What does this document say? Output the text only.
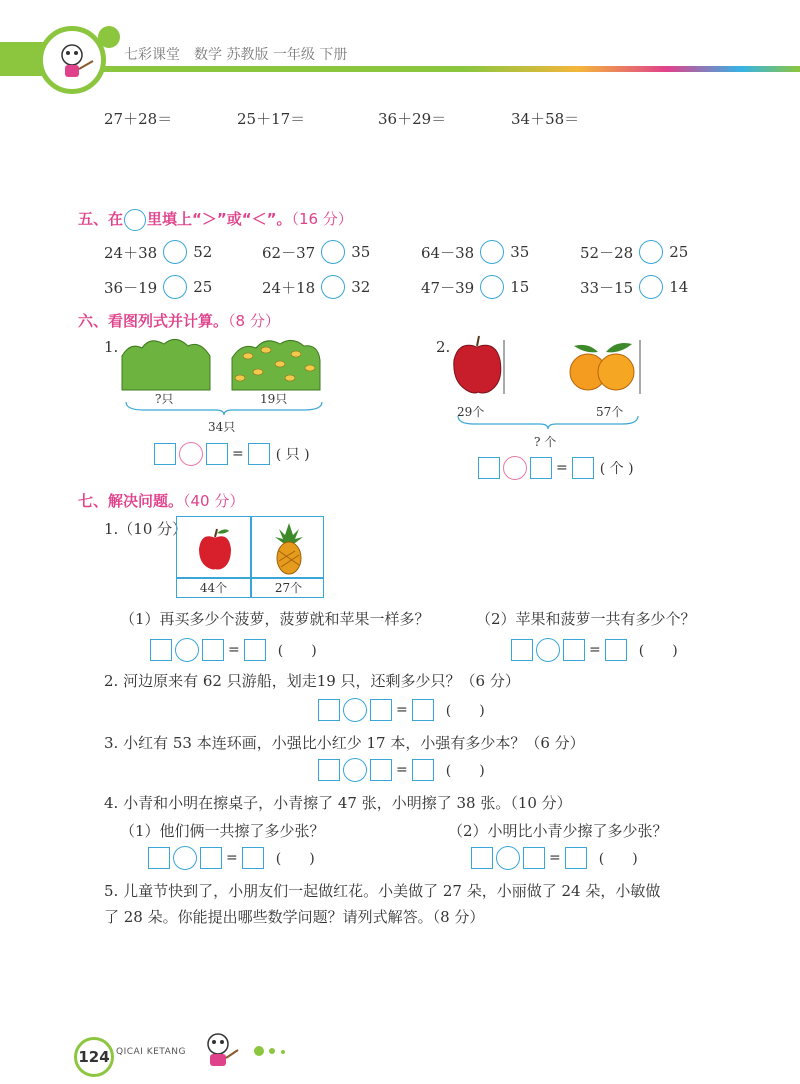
七彩课堂　数学 苏教版 一年级 下册
27＋28＝	25＋17＝	36＋29＝	34＋58＝
五、在 里填上“＞”或“＜”。（16 分）
24＋38 52	62－37 35	64－38 35	52－28 25
36－19 25	24＋18 32	47－39 15	33－15 14
六、看图列式并计算。（8 分）
1.
?只	19只
34只
= ( 只 )
2.
29个	57个
? 个
= ( 个 )
七、解决问题。（40 分）
1.（10 分）
44个	27个
（1）再买多少个菠萝，菠萝就和苹果一样多？	（2）苹果和菠萝一共有多少个？
=	(　　)	=	(　　)
2. 河边原来有 62 只游船，划走19 只，还剩多少只？（6 分）
=	(　　)
3. 小红有 53 本连环画，小强比小红少 17 本，小强有多少本？（6 分）
=	(　　)
4. 小青和小明在擦桌子，小青擦了 47 张，小明擦了 38 张。（10 分）
（1）他们俩一共擦了多少张？	（2）小明比小青少擦了多少张？
=	(　　)	=	(　　)
5. 儿童节快到了，小朋友们一起做红花。小美做了 27 朵，小丽做了 24 朵，小敏做
了 28 朵。你能提出哪些数学问题？请列式解答。（8 分）
124 QICAI KETANG
